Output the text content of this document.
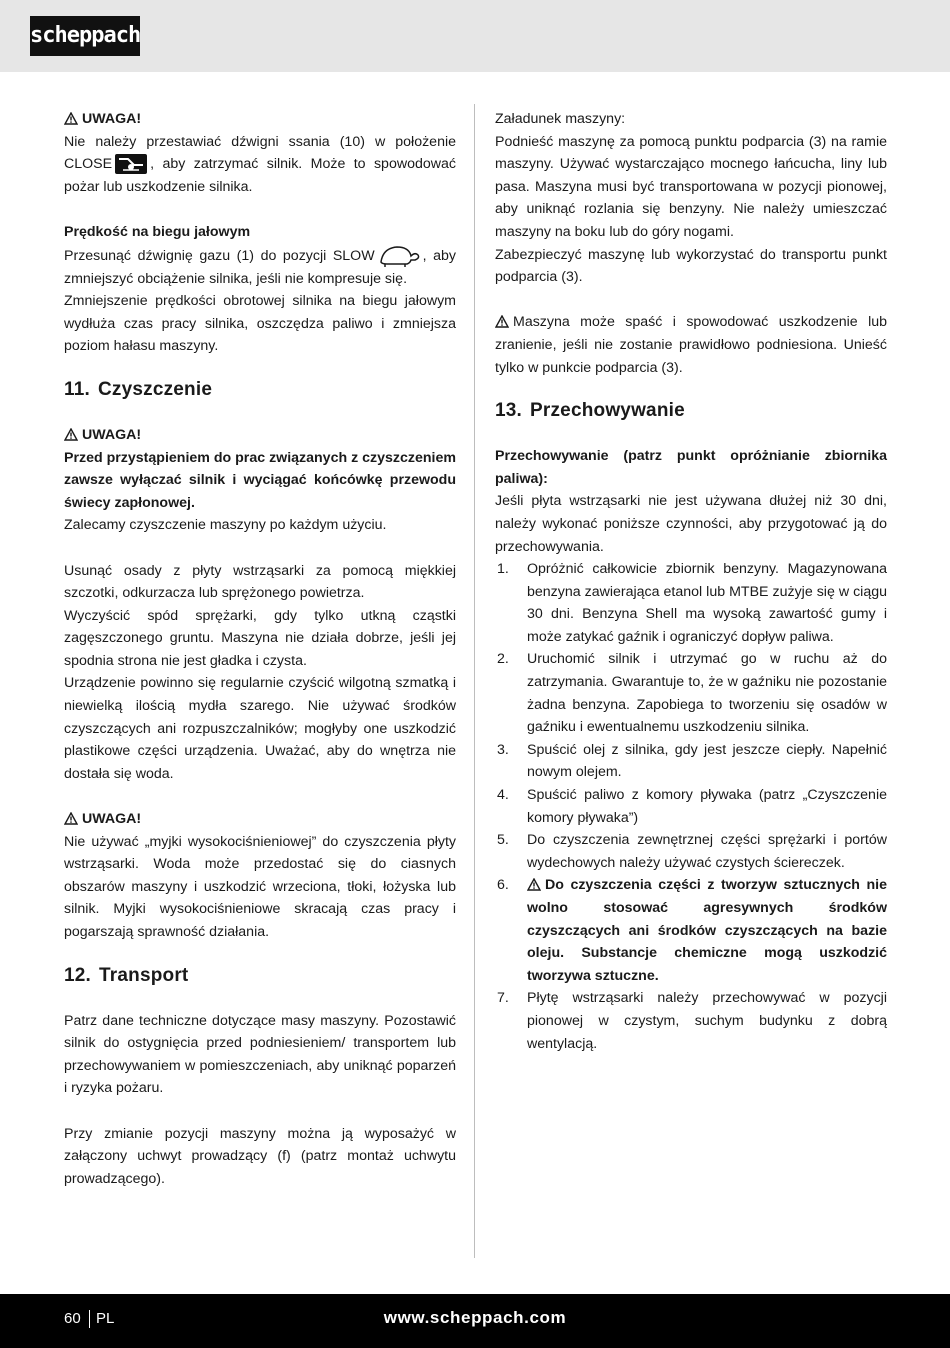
scheppach

UWAGA!

Nie należy przestawiać dźwigni ssania (10) w położenie CLOSE	, aby zatrzymać silnik. Może to spowodować pożar lub uszkodzenie silnika.

Prędkość na biegu jałowym

Przesunąć dźwignię gazu (1) do pozycji SLOW	, aby zmniejszyć obciążenie silnika, jeśli nie kompresuje się.

Zmniejszenie prędkości obrotowej silnika na biegu jałowym wydłuża czas pracy silnika, oszczędza paliwo i zmniejsza poziom hałasu maszyny.

11. Czyszczenie

UWAGA!

Przed przystąpieniem do prac związanych z czyszczeniem zawsze wyłączać silnik i wyciągać końcówkę przewodu świecy zapłonowej.

Zalecamy czyszczenie maszyny po każdym użyciu.

Usunąć osady z płyty wstrząsarki za pomocą miękkiej szczotki, odkurzacza lub sprężonego powietrza.

Wyczyścić spód sprężarki, gdy tylko utkną cząstki zagęszczonego gruntu. Maszyna nie działa dobrze, jeśli jej spodnia strona nie jest gładka i czysta.

Urządzenie powinno się regularnie czyścić wilgotną szmatką i niewielką ilością mydła szarego. Nie używać środków czyszczących ani rozpuszczalników; mogłyby one uszkodzić plastikowe części urządzenia. Uważać, aby do wnętrza nie dostała się woda.

UWAGA!

Nie używać „myjki wysokociśnieniowej” do czyszczenia płyty wstrząsarki. Woda może przedostać się do ciasnych obszarów maszyny i uszkodzić wrzeciona, tłoki, łożyska lub silnik. Myjki wysokociśnieniowe skracają czas pracy i pogarszają sprawność działania.

12. Transport

Patrz dane techniczne dotyczące masy maszyny. Pozostawić silnik do ostygnięcia przed podniesieniem/ transportem lub przechowywaniem w pomieszczeniach, aby uniknąć poparzeń i ryzyka pożaru.

Przy zmianie pozycji maszyny można ją wyposażyć w załączony uchwyt prowadzący (f) (patrz montaż uchwytu prowadzącego).

Załadunek maszyny:

Podnieść maszynę za pomocą punktu podparcia (3) na ramie maszyny. Używać wystarczająco mocnego łańcucha, liny lub pasa. Maszyna musi być transportowana w pozycji pionowej, aby uniknąć rozlania się benzyny. Nie należy umieszczać maszyny na boku lub do góry nogami.

Zabezpieczyć maszynę lub wykorzystać do transportu punkt podparcia (3).

Maszyna może spaść i spowodować uszkodzenie lub zranienie, jeśli nie zostanie prawidłowo podniesiona. Unieść tylko w punkcie podparcia (3).

13. Przechowywanie

Przechowywanie (patrz punkt opróżnianie zbiornika paliwa):

Jeśli płyta wstrząsarki nie jest używana dłużej niż 30 dni, należy wykonać poniższe czynności, aby przygotować ją do przechowywania.

1. Opróżnić całkowicie zbiornik benzyny. Magazynowana benzyna zawierająca etanol lub MTBE zużyje się w ciągu 30 dni. Benzyna Shell ma wysoką zawartość gumy i może zatykać gaźnik i ograniczyć dopływ paliwa.
2. Uruchomić silnik i utrzymać go w ruchu aż do zatrzymania. Gwarantuje to, że w gaźniku nie pozostanie żadna benzyna. Zapobiega to tworzeniu się osadów w gaźniku i ewentualnemu uszkodzeniu silnika.
3. Spuścić olej z silnika, gdy jest jeszcze ciepły. Napełnić nowym olejem.
4. Spuścić paliwo z komory pływaka (patrz „Czyszczenie komory pływaka”)
5. Do czyszczenia zewnętrznej części sprężarki i portów wydechowych należy używać czystych ściereczek.
6.	Do czyszczenia części z tworzyw sztucznych nie wolno stosować agresywnych środków czyszczących ani środków czyszczących na bazie oleju. Substancje chemiczne mogą uszkodzić tworzywa sztuczne.
7. Płytę wstrząsarki należy przechowywać w pozycji pionowej w czystym, suchym budynku z dobrą wentylacją.
60 PL	www.scheppach.com
